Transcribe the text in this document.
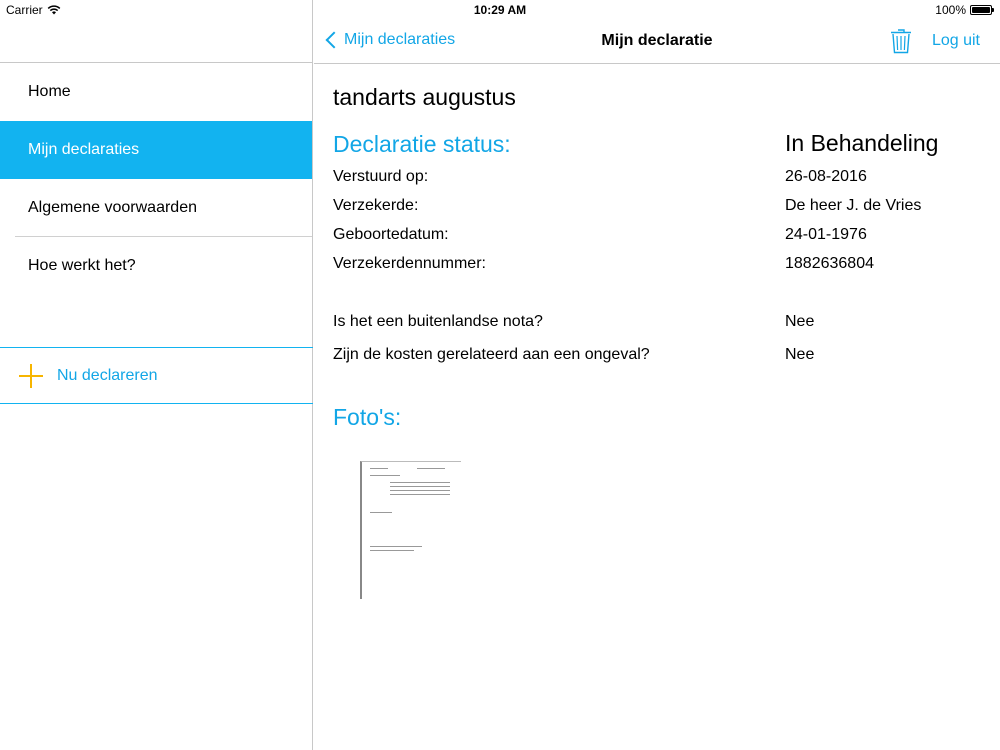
Carrier	10:29 AM	100%
Home
Mijn declaraties
Algemene voorwaarden
Hoe werkt het?
Nu declareren
Mijn declaraties	Mijn declaratie	Log uit
tandarts augustus
Declaratie status:	In Behandeling
Verstuurd op:	26-08-2016
Verzekerde:	De heer J. de Vries
Geboortedatum:	24-01-1976
Verzekerdennummer:	1882636804
Is het een buitenlandse nota?	Nee
Zijn de kosten gerelateerd aan een ongeval?	Nee
Foto's:
